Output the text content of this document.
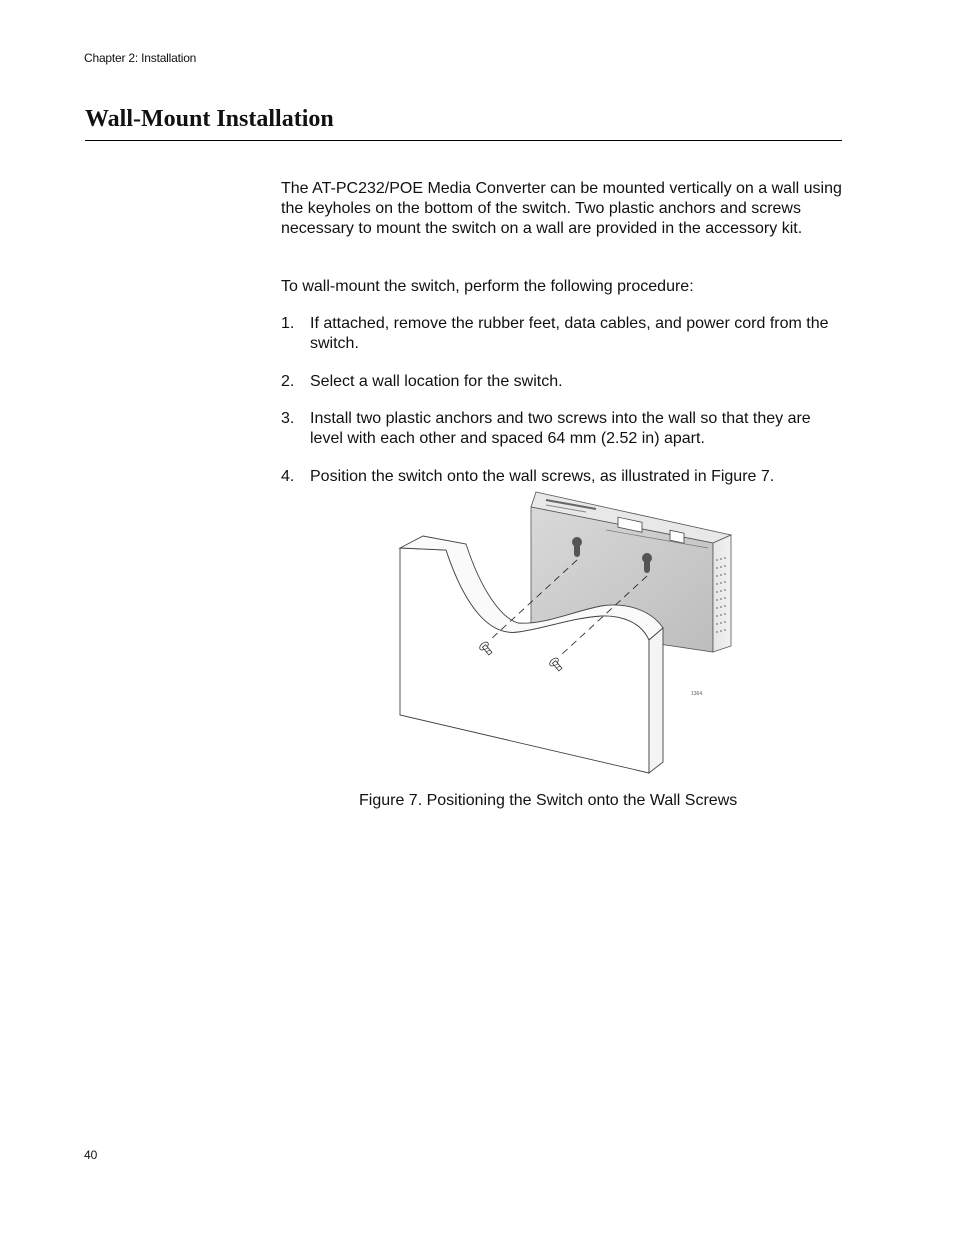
Chapter 2: Installation
Wall-Mount Installation

The AT-PC232/POE Media Converter can be mounted vertically on a wall using the keyholes on the bottom of the switch. Two plastic anchors and screws necessary to mount the switch on a wall are provided in the accessory kit.

To wall-mount the switch, perform the following procedure:

1. If attached, remove the rubber feet, data cables, and power cord from the switch.
2. Select a wall location for the switch.
3. Install two plastic anchors and two screws into the wall so that they are level with each other and spaced 64 mm (2.52 in) apart.
4. Position the switch onto the wall screws, as illustrated in Figure 7.
1364
Figure 7. Positioning the Switch onto the Wall Screws
40
